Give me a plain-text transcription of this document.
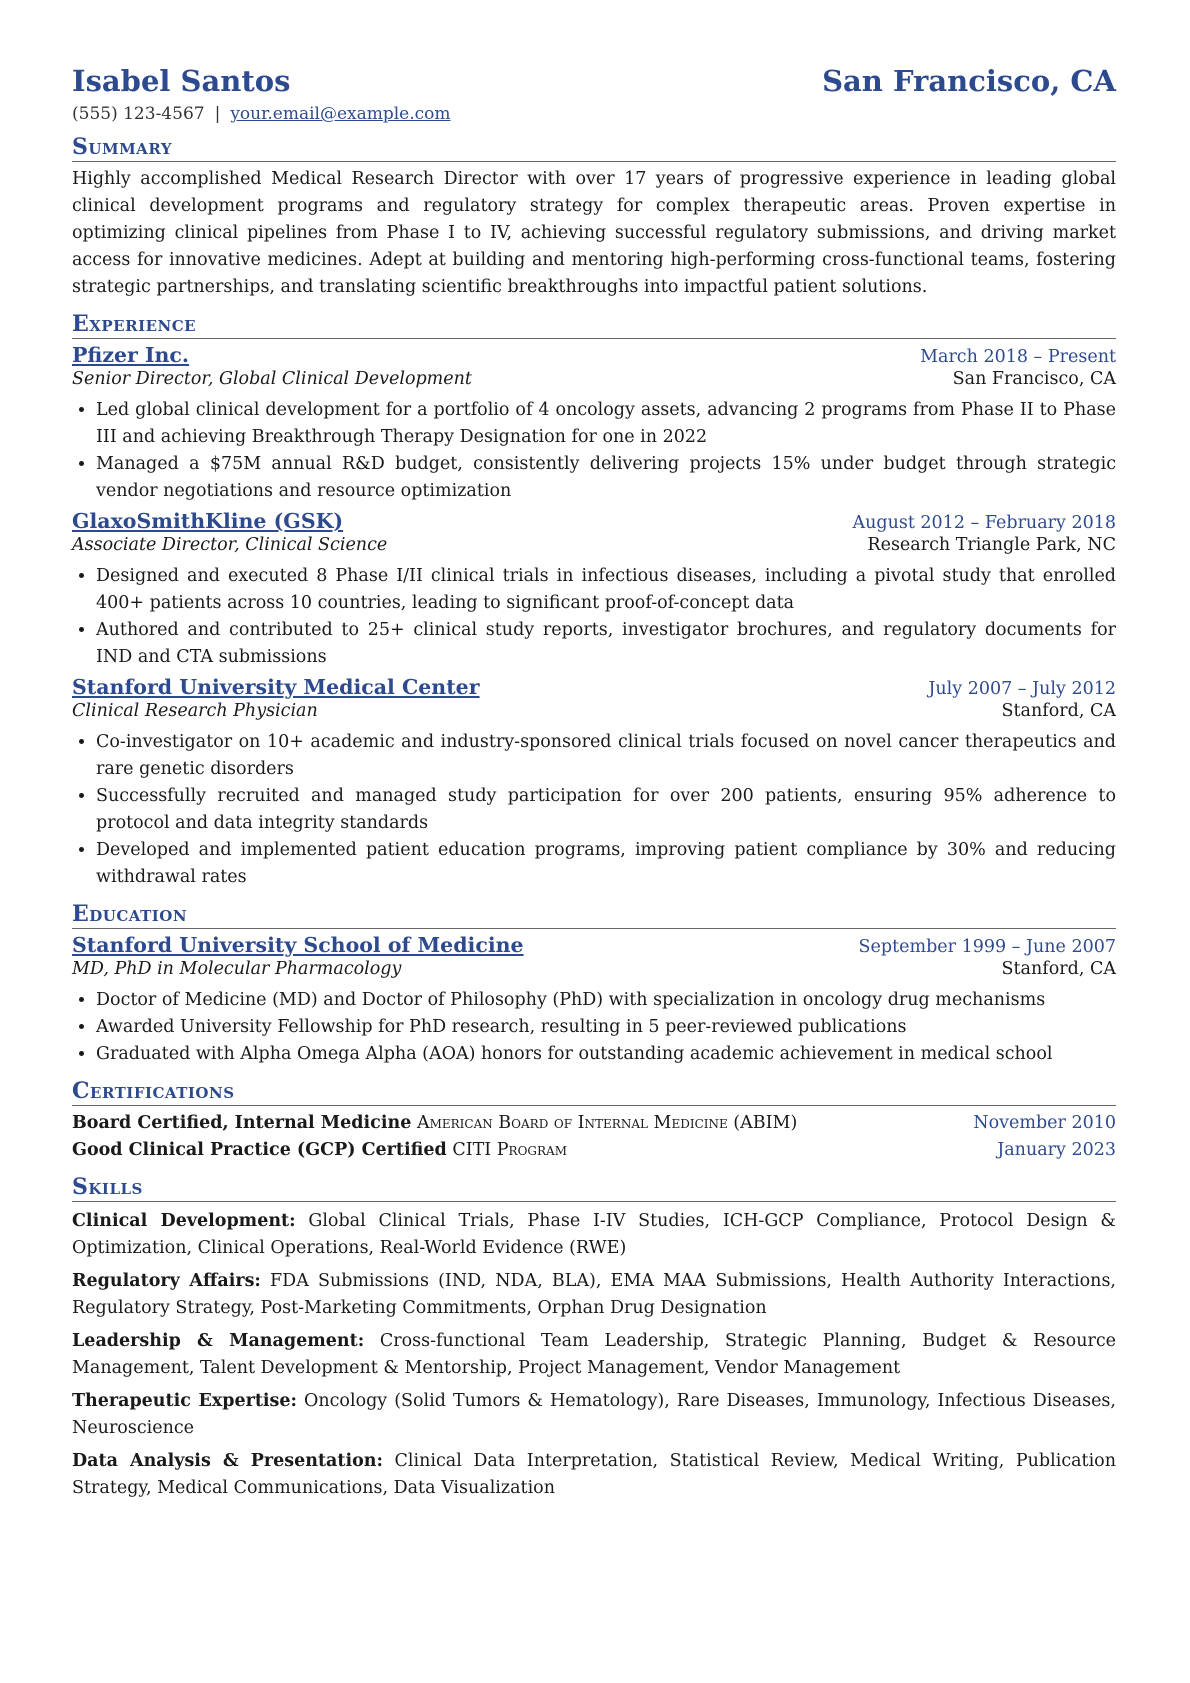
Isabel Santos	San Francisco, CA
(555) 123-4567 | your.email@example.com
Summary
Highly accomplished Medical Research Director with over 17 years of progressive experience in leading global clinical development programs and regulatory strategy for complex therapeutic areas. Proven expertise in optimizing clinical pipelines from Phase I to IV, achieving successful regulatory submissions, and driving market access for innovative medicines. Adept at building and mentoring high-performing cross-functional teams, fostering strategic partnerships, and translating scientific breakthroughs into impactful patient solutions.
Experience
Pfizer Inc.	March 2018 – Present
Senior Director, Global Clinical Development	San Francisco, CA
• Led global clinical development for a portfolio of 4 oncology assets, advancing 2 programs from Phase II to Phase III and achieving Breakthrough Therapy Designation for one in 2022
• Managed a $75M annual R&D budget, consistently delivering projects 15% under budget through strategic vendor negotiations and resource optimization
GlaxoSmithKline (GSK)	August 2012 – February 2018
Associate Director, Clinical Science	Research Triangle Park, NC
• Designed and executed 8 Phase I/II clinical trials in infectious diseases, including a pivotal study that enrolled 400+ patients across 10 countries, leading to significant proof-of-concept data
• Authored and contributed to 25+ clinical study reports, investigator brochures, and regulatory documents for IND and CTA submissions
Stanford University Medical Center	July 2007 – July 2012
Clinical Research Physician	Stanford, CA
• Co-investigator on 10+ academic and industry-sponsored clinical trials focused on novel cancer therapeutics and rare genetic disorders
• Successfully recruited and managed study participation for over 200 patients, ensuring 95% adherence to protocol and data integrity standards
• Developed and implemented patient education programs, improving patient compliance by 30% and reducing withdrawal rates
Education
Stanford University School of Medicine	September 1999 – June 2007
MD, PhD in Molecular Pharmacology	Stanford, CA
• Doctor of Medicine (MD) and Doctor of Philosophy (PhD) with specialization in oncology drug mechanisms
• Awarded University Fellowship for PhD research, resulting in 5 peer-reviewed publications
• Graduated with Alpha Omega Alpha (AOA) honors for outstanding academic achievement in medical school
Certifications
Board Certified, Internal Medicine American Board of Internal Medicine (ABIM)	November 2010
Good Clinical Practice (GCP) Certified CITI Program	January 2023
Skills
Clinical Development: Global Clinical Trials, Phase I-IV Studies, ICH-GCP Compliance, Protocol Design & Optimization, Clinical Operations, Real-World Evidence (RWE)
Regulatory Affairs: FDA Submissions (IND, NDA, BLA), EMA MAA Submissions, Health Authority Interactions, Regulatory Strategy, Post-Marketing Commitments, Orphan Drug Designation
Leadership & Management: Cross-functional Team Leadership, Strategic Planning, Budget & Resource Management, Talent Development & Mentorship, Project Management, Vendor Management
Therapeutic Expertise: Oncology (Solid Tumors & Hematology), Rare Diseases, Immunology, Infectious Diseases, Neuroscience
Data Analysis & Presentation: Clinical Data Interpretation, Statistical Review, Medical Writing, Publication Strategy, Medical Communications, Data Visualization
